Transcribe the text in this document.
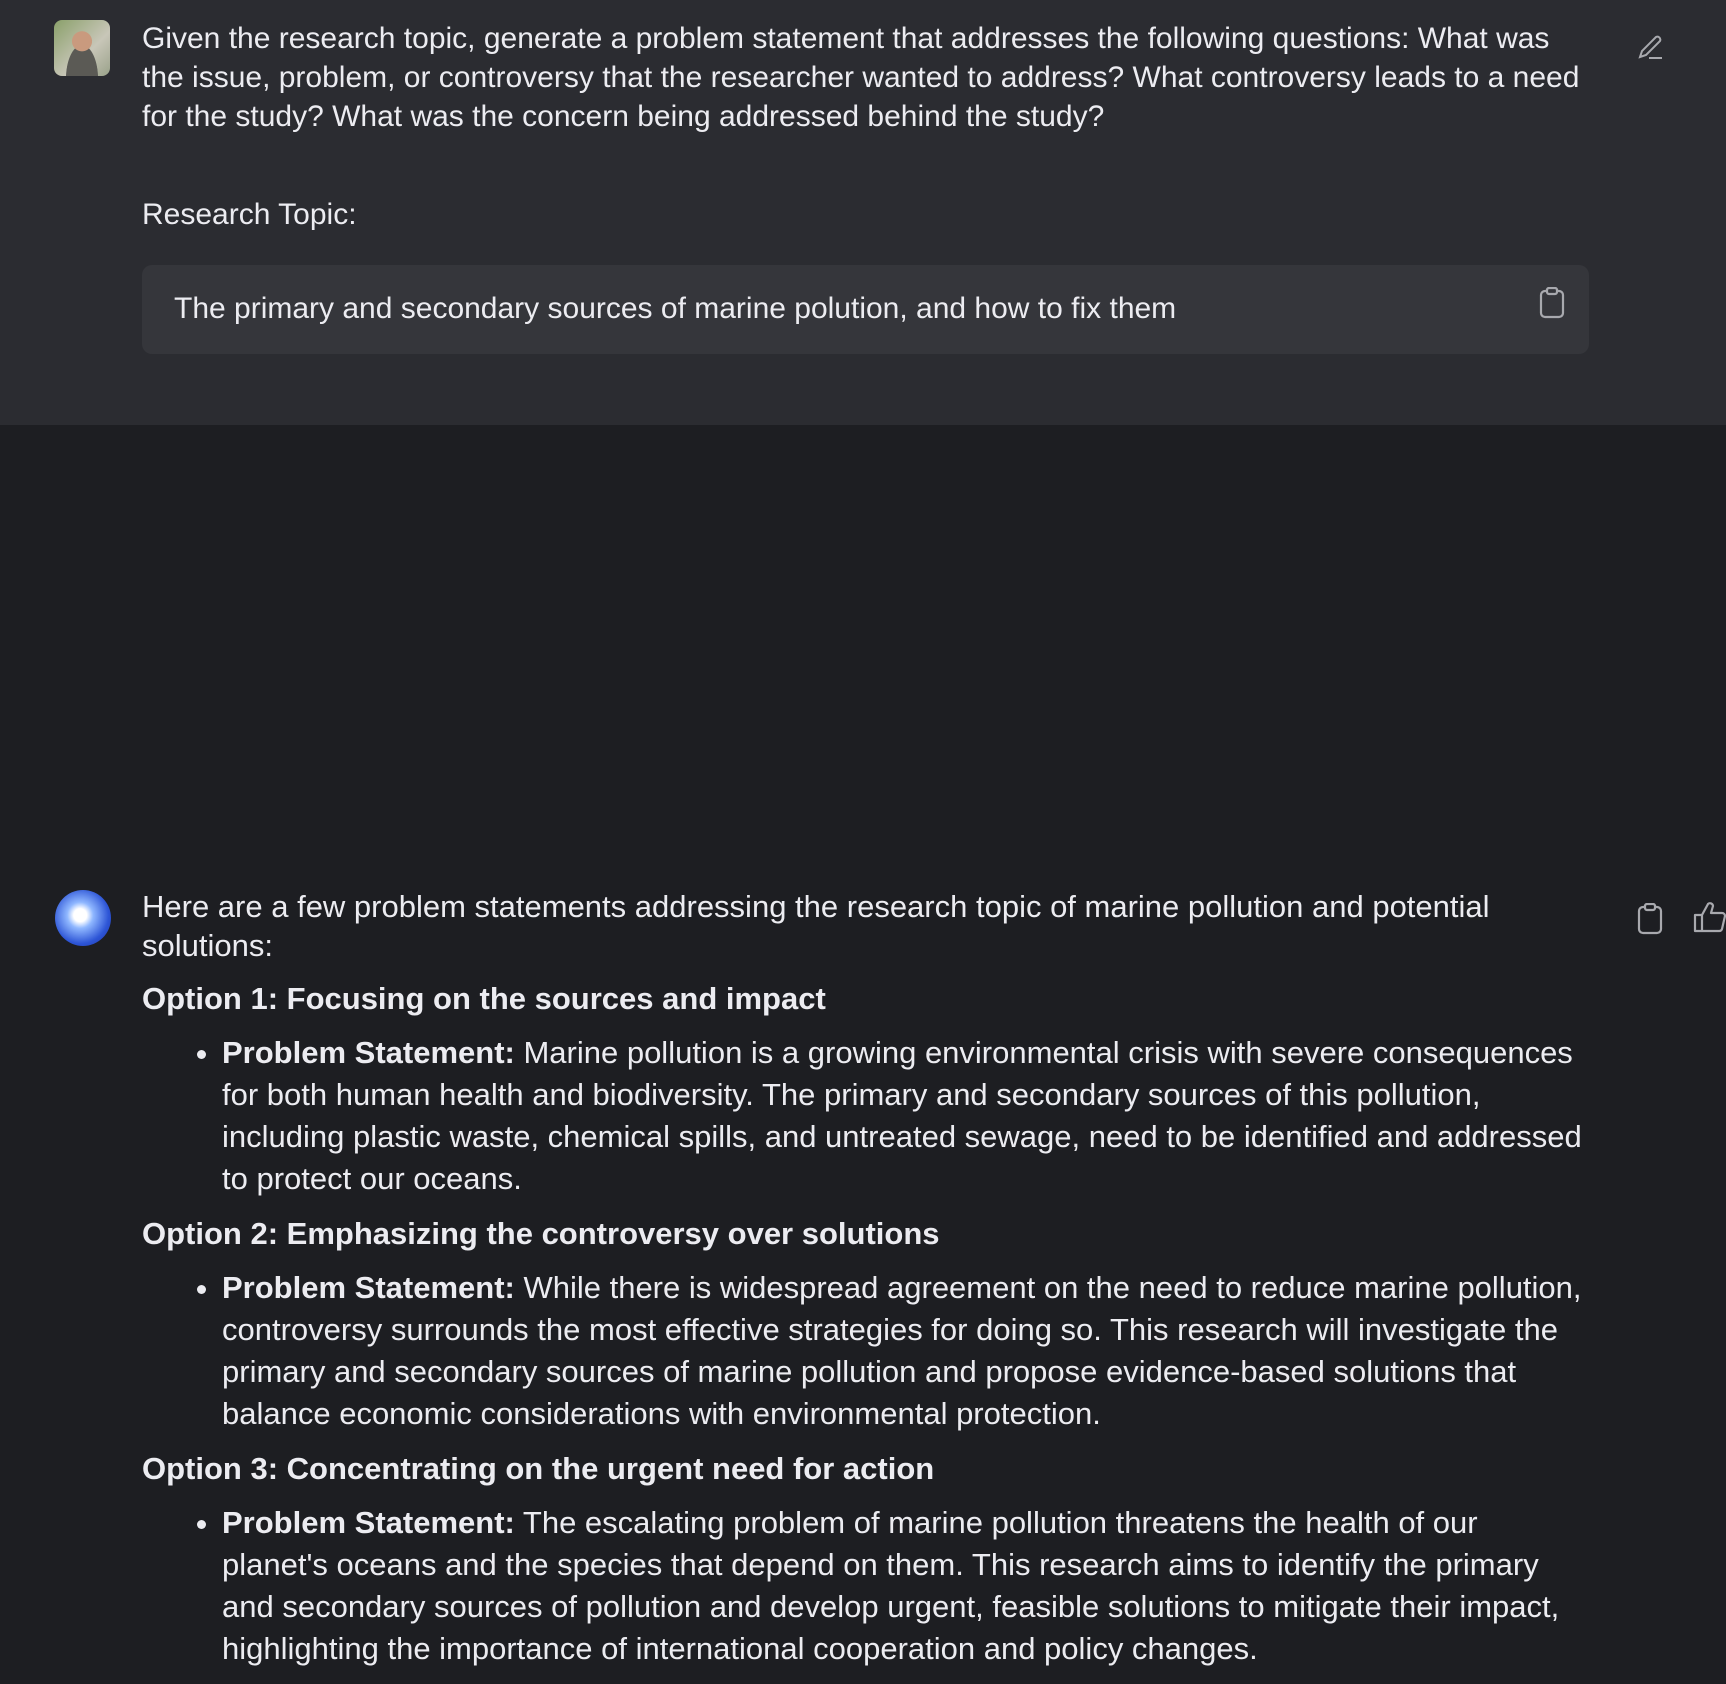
Given the research topic, generate a problem statement that addresses the following questions: What was the issue, problem, or controversy that the researcher wanted to address? What controversy leads to a need for the study? What was the concern being addressed behind the study?
Research Topic:
The primary and secondary sources of marine polution, and how to fix them

Here are a few problem statements addressing the research topic of marine pollution and potential solutions:

Option 1: Focusing on the sources and impact
• Problem Statement: Marine pollution is a growing environmental crisis with severe consequences for both human health and biodiversity. The primary and secondary sources of this pollution, including plastic waste, chemical spills, and untreated sewage, need to be identified and addressed to protect our oceans.
Option 2: Emphasizing the controversy over solutions
• Problem Statement: While there is widespread agreement on the need to reduce marine pollution, controversy surrounds the most effective strategies for doing so. This research will investigate the primary and secondary sources of marine pollution and propose evidence-based solutions that balance economic considerations with environmental protection.
Option 3: Concentrating on the urgent need for action
• Problem Statement: The escalating problem of marine pollution threatens the health of our planet's oceans and the species that depend on them. This research aims to identify the primary and secondary sources of pollution and develop urgent, feasible solutions to mitigate their impact, highlighting the importance of international cooperation and policy changes.
